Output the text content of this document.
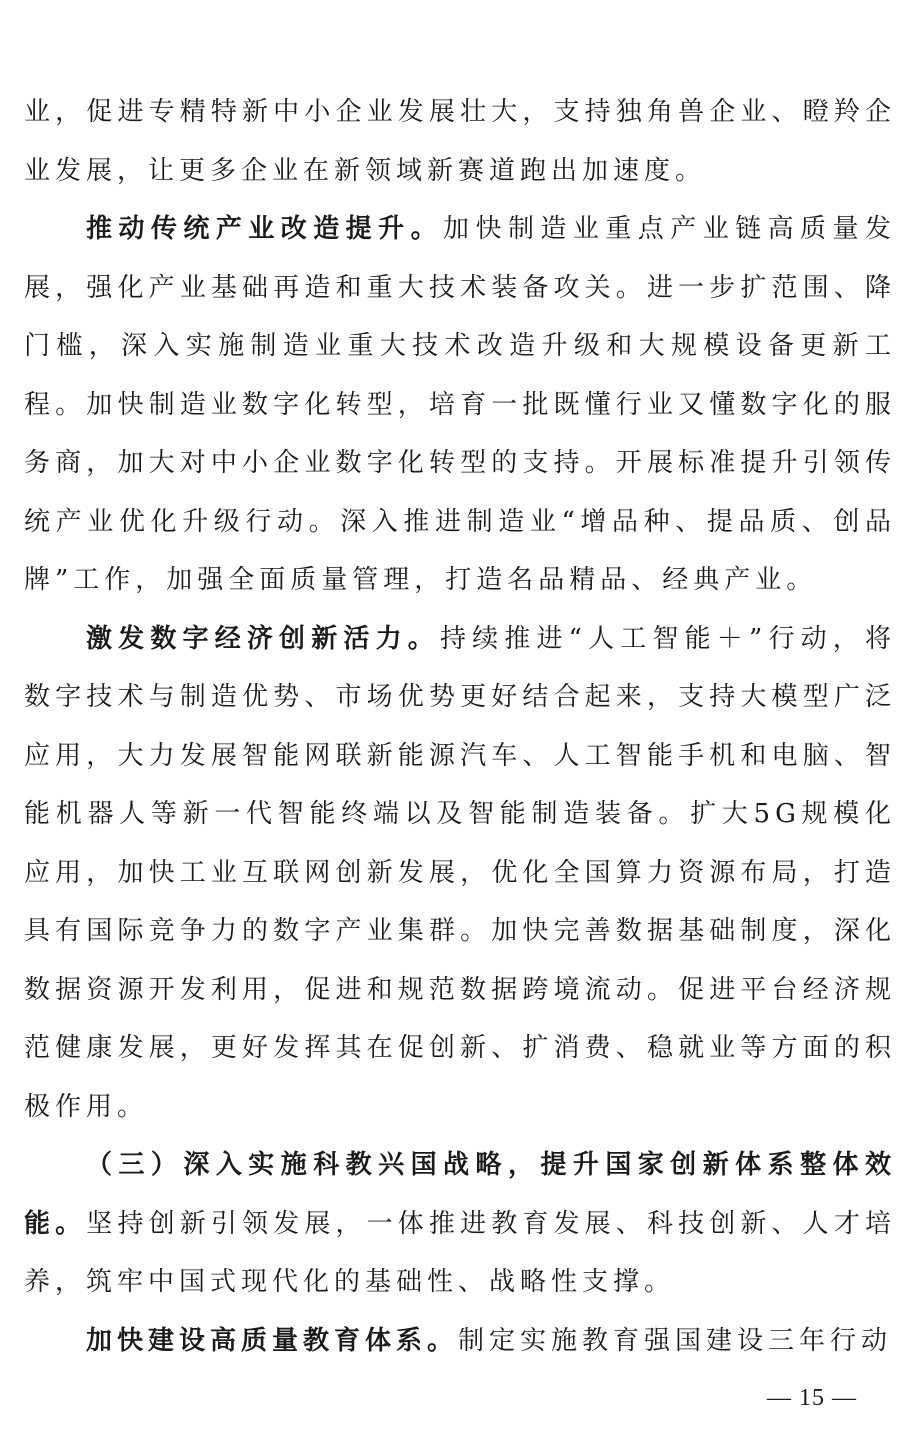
业，促进专精特新中小企业发展壮大，支持独角兽企业、瞪羚企业发展，让更多企业在新领域新赛道跑出加速度。

推动传统产业改造提升。加快制造业重点产业链高质量发展，强化产业基础再造和重大技术装备攻关。进一步扩范围、降门槛，深入实施制造业重大技术改造升级和大规模设备更新工程。加快制造业数字化转型，培育一批既懂行业又懂数字化的服务商，加大对中小企业数字化转型的支持。开展标准提升引领传统产业优化升级行动。深入推进制造业“增品种、提品质、创品牌”工作，加强全面质量管理，打造名品精品、经典产业。

激发数字经济创新活力。持续推进“人工智能＋”行动，将数字技术与制造优势、市场优势更好结合起来，支持大模型广泛应用，大力发展智能网联新能源汽车、人工智能手机和电脑、智能机器人等新一代智能终端以及智能制造装备。扩大5G规模化应用，加快工业互联网创新发展，优化全国算力资源布局，打造具有国际竞争力的数字产业集群。加快完善数据基础制度，深化数据资源开发利用，促进和规范数据跨境流动。促进平台经济规范健康发展，更好发挥其在促创新、扩消费、稳就业等方面的积极作用。

（三）深入实施科教兴国战略，提升国家创新体系整体效能。坚持创新引领发展，一体推进教育发展、科技创新、人才培养，筑牢中国式现代化的基础性、战略性支撑。

加快建设高质量教育体系。制定实施教育强国建设三年行动

— 15 —
